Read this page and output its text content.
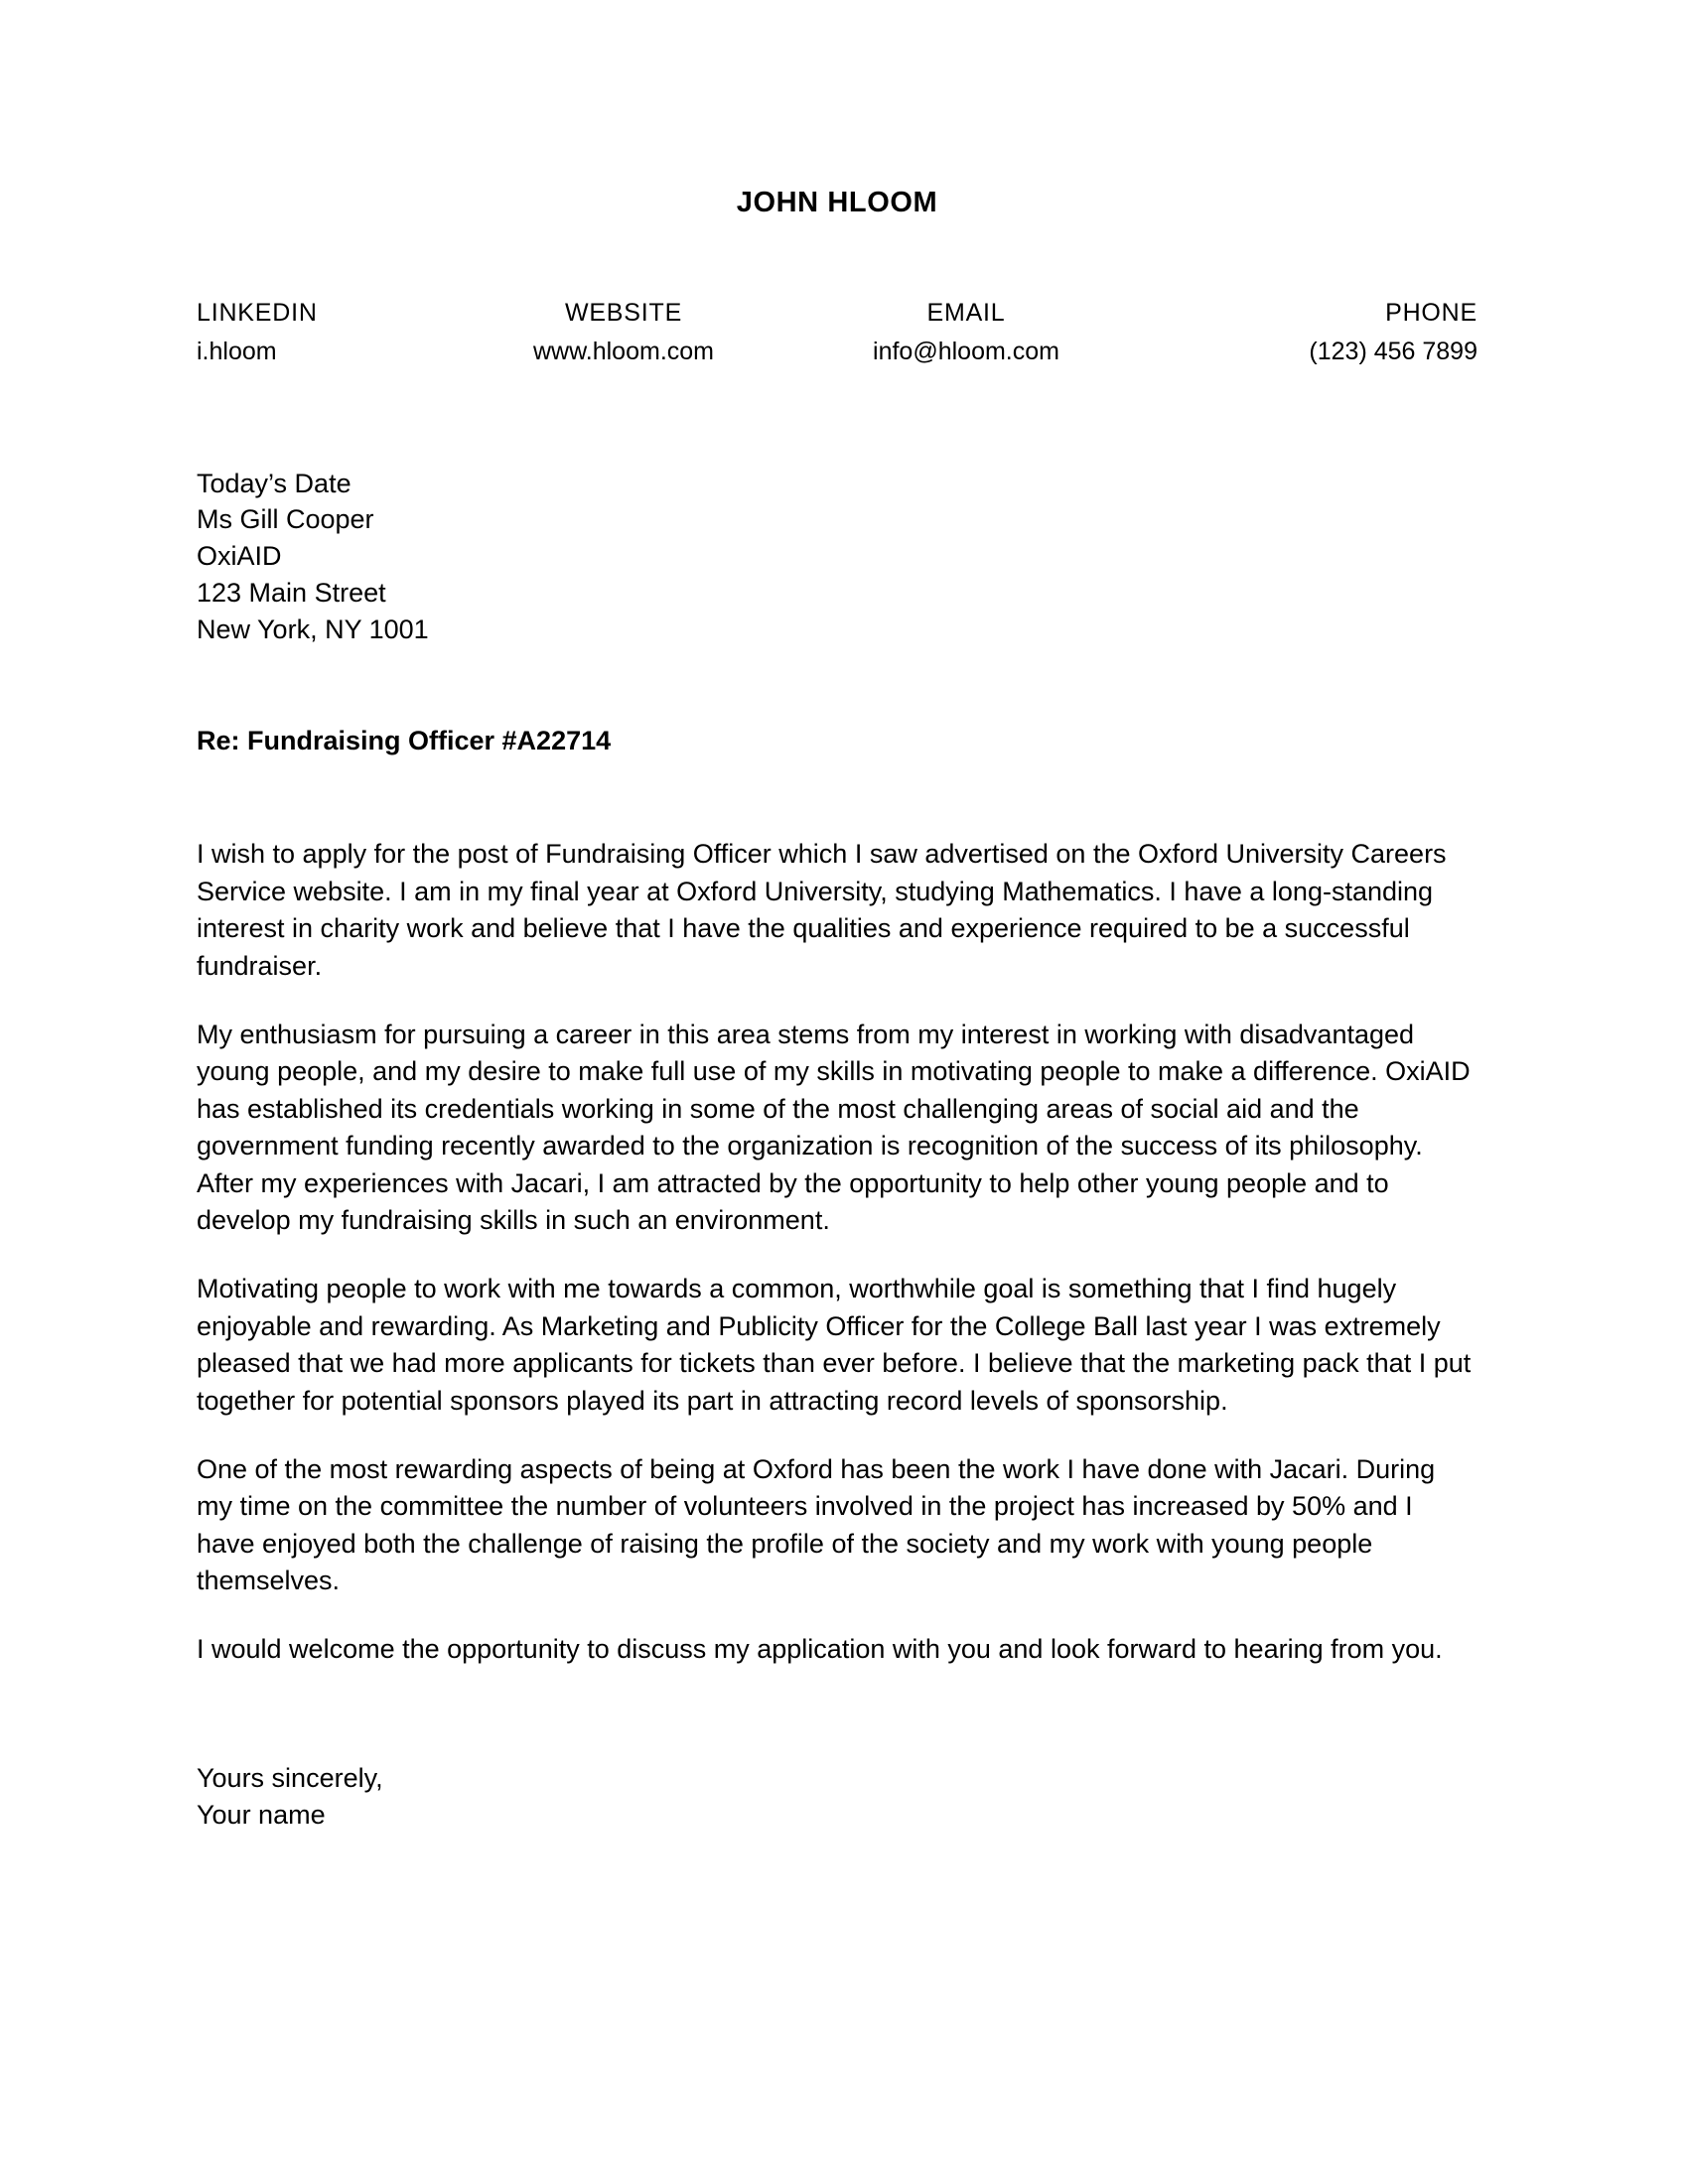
JOHN HLOOM
LINKEDIN
i.hloom
WEBSITE
www.hloom.com
EMAIL
info@hloom.com
PHONE
(123) 456 7899
Today’s Date
Ms Gill Cooper
OxiAID
123 Main Street
New York, NY 1001
Re: Fundraising Officer #A22714

I wish to apply for the post of Fundraising Officer which I saw advertised on the Oxford University Careers Service website. I am in my final year at Oxford University, studying Mathematics. I have a long-standing interest in charity work and believe that I have the qualities and experience required to be a successful fundraiser.

My enthusiasm for pursuing a career in this area stems from my interest in working with disadvantaged young people, and my desire to make full use of my skills in motivating people to make a difference. OxiAID has established its credentials working in some of the most challenging areas of social aid and the government funding recently awarded to the organization is recognition of the success of its philosophy. After my experiences with Jacari, I am attracted by the opportunity to help other young people and to develop my fundraising skills in such an environment.

Motivating people to work with me towards a common, worthwhile goal is something that I find hugely enjoyable and rewarding. As Marketing and Publicity Officer for the College Ball last year I was extremely pleased that we had more applicants for tickets than ever before. I believe that the marketing pack that I put together for potential sponsors played its part in attracting record levels of sponsorship.

One of the most rewarding aspects of being at Oxford has been the work I have done with Jacari. During my time on the committee the number of volunteers involved in the project has increased by 50% and I have enjoyed both the challenge of raising the profile of the society and my work with young people themselves.

I would welcome the opportunity to discuss my application with you and look forward to hearing from you.

Yours sincerely,
Your name
